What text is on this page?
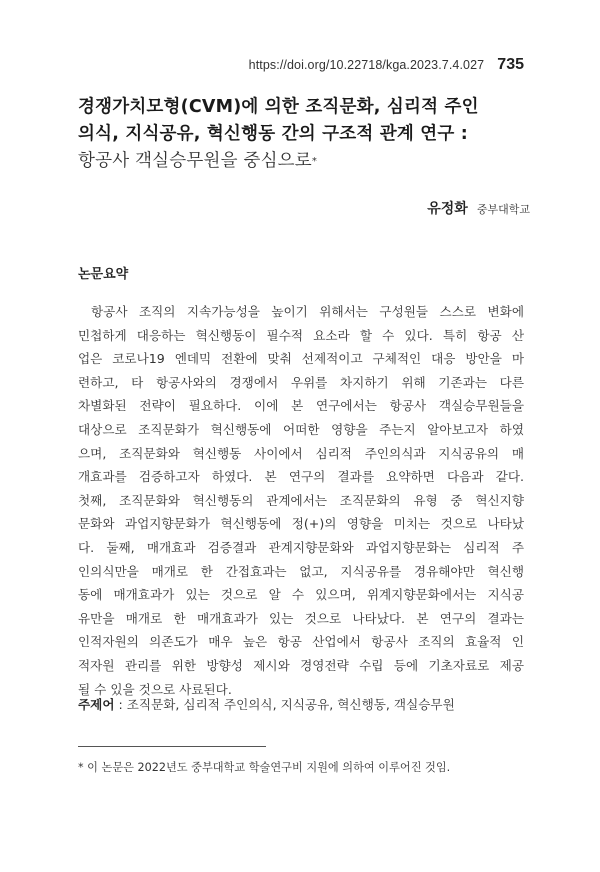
https://doi.org/10.22718/kga.2023.7.4.027 735
경쟁가치모형(CVM)에 의한 조직문화, 심리적 주인
의식, 지식공유, 혁신행동 간의 구조적 관계 연구 :
항공사 객실승무원을 중심으로*
유정화 중부대학교
논문요약
항공사 조직의 지속가능성을 높이기 위해서는 구성원들 스스로 변화에
민첩하게 대응하는 혁신행동이 필수적 요소라 할 수 있다. 특히 항공 산
업은 코로나19 엔데믹 전환에 맞춰 선제적이고 구체적인 대응 방안을 마
련하고, 타 항공사와의 경쟁에서 우위를 차지하기 위해 기존과는 다른
차별화된 전략이 필요하다. 이에 본 연구에서는 항공사 객실승무원들을
대상으로 조직문화가 혁신행동에 어떠한 영향을 주는지 알아보고자 하였
으며, 조직문화와 혁신행동 사이에서 심리적 주인의식과 지식공유의 매
개효과를 검증하고자 하였다. 본 연구의 결과를 요약하면 다음과 같다.
첫째, 조직문화와 혁신행동의 관계에서는 조직문화의 유형 중 혁신지향
문화와 과업지향문화가 혁신행동에 정(+)의 영향을 미치는 것으로 나타났
다. 둘째, 매개효과 검증결과 관계지향문화와 과업지향문화는 심리적 주
인의식만을 매개로 한 간접효과는 없고, 지식공유를 경유해야만 혁신행
동에 매개효과가 있는 것으로 알 수 있으며, 위계지향문화에서는 지식공
유만을 매개로 한 매개효과가 있는 것으로 나타났다. 본 연구의 결과는
인적자원의 의존도가 매우 높은 항공 산업에서 항공사 조직의 효율적 인
적자원 관리를 위한 방향성 제시와 경영전략 수립 등에 기초자료로 제공
될 수 있을 것으로 사료된다.
주제어 : 조직문화, 심리적 주인의식, 지식공유, 혁신행동, 객실승무원
* 이 논문은 2022년도 중부대학교 학술연구비 지원에 의하여 이루어진 것임.
